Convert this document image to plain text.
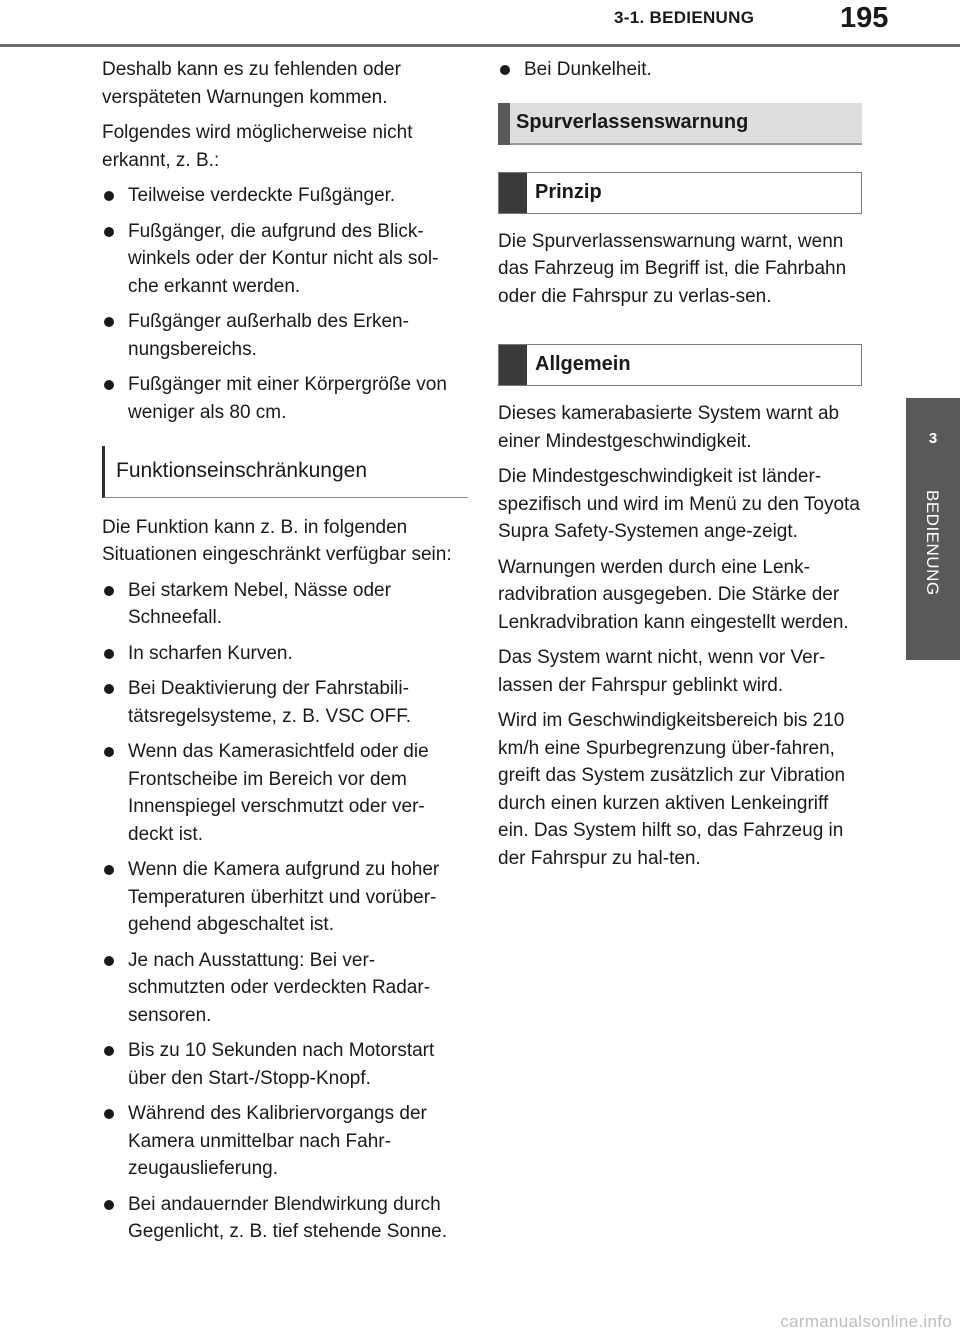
3-1. BEDIENUNG	195
3
BEDIENUNG

Deshalb kann es zu fehlenden oder verspäteten Warnungen kommen.

Folgendes wird möglicherweise nicht erkannt, z. B.:

Teilweise verdeckte Fußgänger.
Fußgänger, die aufgrund des Blick-winkels oder der Kontur nicht als sol-che erkannt werden.
Fußgänger außerhalb des Erken-nungsbereichs.
Fußgänger mit einer Körpergröße von weniger als 80 cm.
Funktionseinschränkungen

Die Funktion kann z. B. in folgenden Situationen eingeschränkt verfügbar sein:

Bei starkem Nebel, Nässe oder Schneefall.
In scharfen Kurven.
Bei Deaktivierung der Fahrstabili-tätsregelsysteme, z. B. VSC OFF.
Wenn das Kamerasichtfeld oder die Frontscheibe im Bereich vor dem Innenspiegel verschmutzt oder ver-deckt ist.
Wenn die Kamera aufgrund zu hoher Temperaturen überhitzt und vorüber-gehend abgeschaltet ist.
Je nach Ausstattung: Bei ver-schmutzten oder verdeckten Radar-sensoren.
Bis zu 10 Sekunden nach Motorstart über den Start-/Stopp-Knopf.
Während des Kalibriervorgangs der Kamera unmittelbar nach Fahr-zeugauslieferung.
Bei andauernder Blendwirkung durch Gegenlicht, z. B. tief stehende Sonne.
Bei Dunkelheit.
Spurverlassenswarnung
Prinzip

Die Spurverlassenswarnung warnt, wenn das Fahrzeug im Begriff ist, die Fahrbahn oder die Fahrspur zu verlas-sen.

Allgemein

Dieses kamerabasierte System warnt ab einer Mindestgeschwindigkeit.

Die Mindestgeschwindigkeit ist länder-spezifisch und wird im Menü zu den Toyota Supra Safety-Systemen ange-zeigt.

Warnungen werden durch eine Lenk-radvibration ausgegeben. Die Stärke der Lenkradvibration kann eingestellt werden.

Das System warnt nicht, wenn vor Ver-lassen der Fahrspur geblinkt wird.

Wird im Geschwindigkeitsbereich bis 210 km/h eine Spurbegrenzung über-fahren, greift das System zusätzlich zur Vibration durch einen kurzen aktiven Lenkeingriff ein. Das System hilft so, das Fahrzeug in der Fahrspur zu hal-ten.

carmanualsonline.info
